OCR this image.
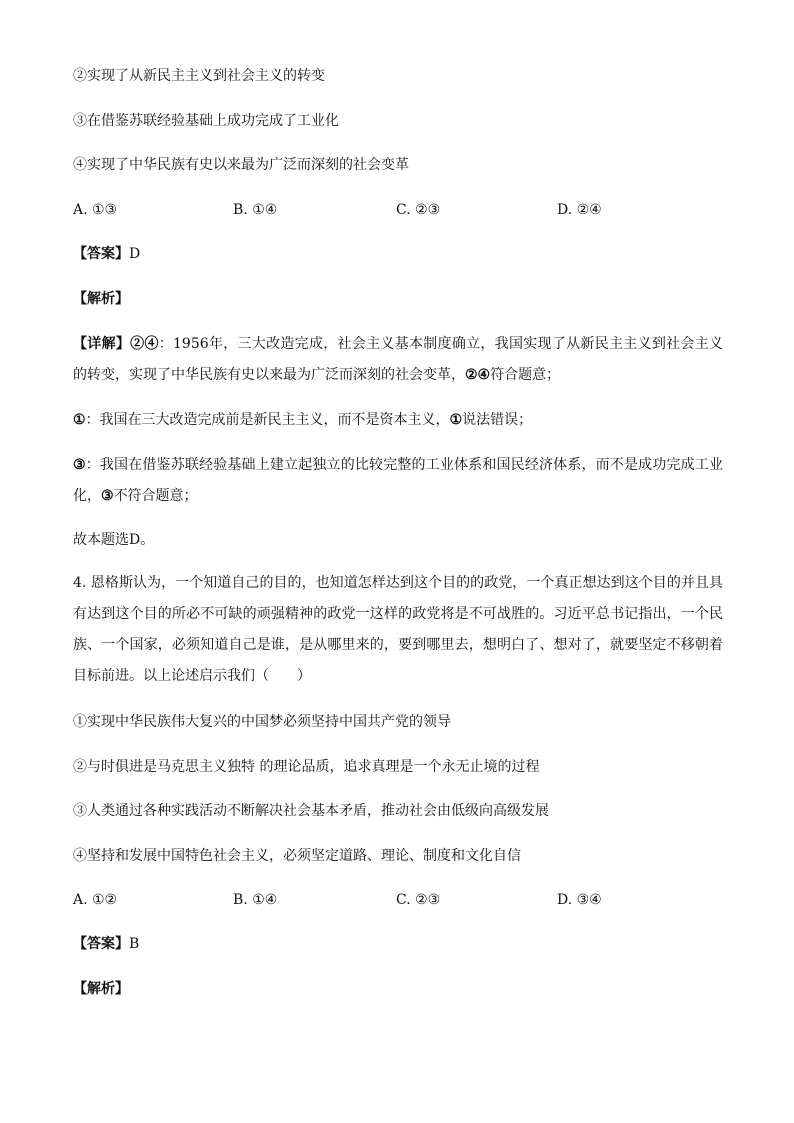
②实现了从新民主主义到社会主义的转变
③在借鉴苏联经验基础上成功完成了工业化
④实现了中华民族有史以来最为广泛而深刻的社会变革
A. ①③	B. ①④	C. ②③	D. ②④
【答案】D
【解析】
【详解】②④：1956年，三大改造完成，社会主义基本制度确立，我国实现了从新民主主义到社会主义的转变，实现了中华民族有史以来最为广泛而深刻的社会变革，②④符合题意；
①：我国在三大改造完成前是新民主主义，而不是资本主义，①说法错误；
③：我国在借鉴苏联经验基础上建立起独立的比较完整的工业体系和国民经济体系，而不是成功完成工业化，③不符合题意；
故本题选D。
4. 恩格斯认为，一个知道自己的目的，也知道怎样达到这个目的的政党，一个真正想达到这个目的并且具有达到这个目的所必不可缺的顽强精神的政党一这样的政党将是不可战胜的。习近平总书记指出，一个民族、一个国家，必须知道自己是谁，是从哪里来的，要到哪里去，想明白了、想对了，就要坚定不移朝着目标前进。以上论述启示我们（　　）
①实现中华民族伟大复兴的中国梦必须坚持中国共产党的领导
②与时俱进是马克思主义独特 的理论品质，追求真理是一个永无止境的过程
③人类通过各种实践活动不断解决社会基本矛盾，推动社会由低级向高级发展
④坚持和发展中国特色社会主义，必须坚定道路、理论、制度和文化自信
A. ①②	B. ①④	C. ②③	D. ③④
【答案】B
【解析】
